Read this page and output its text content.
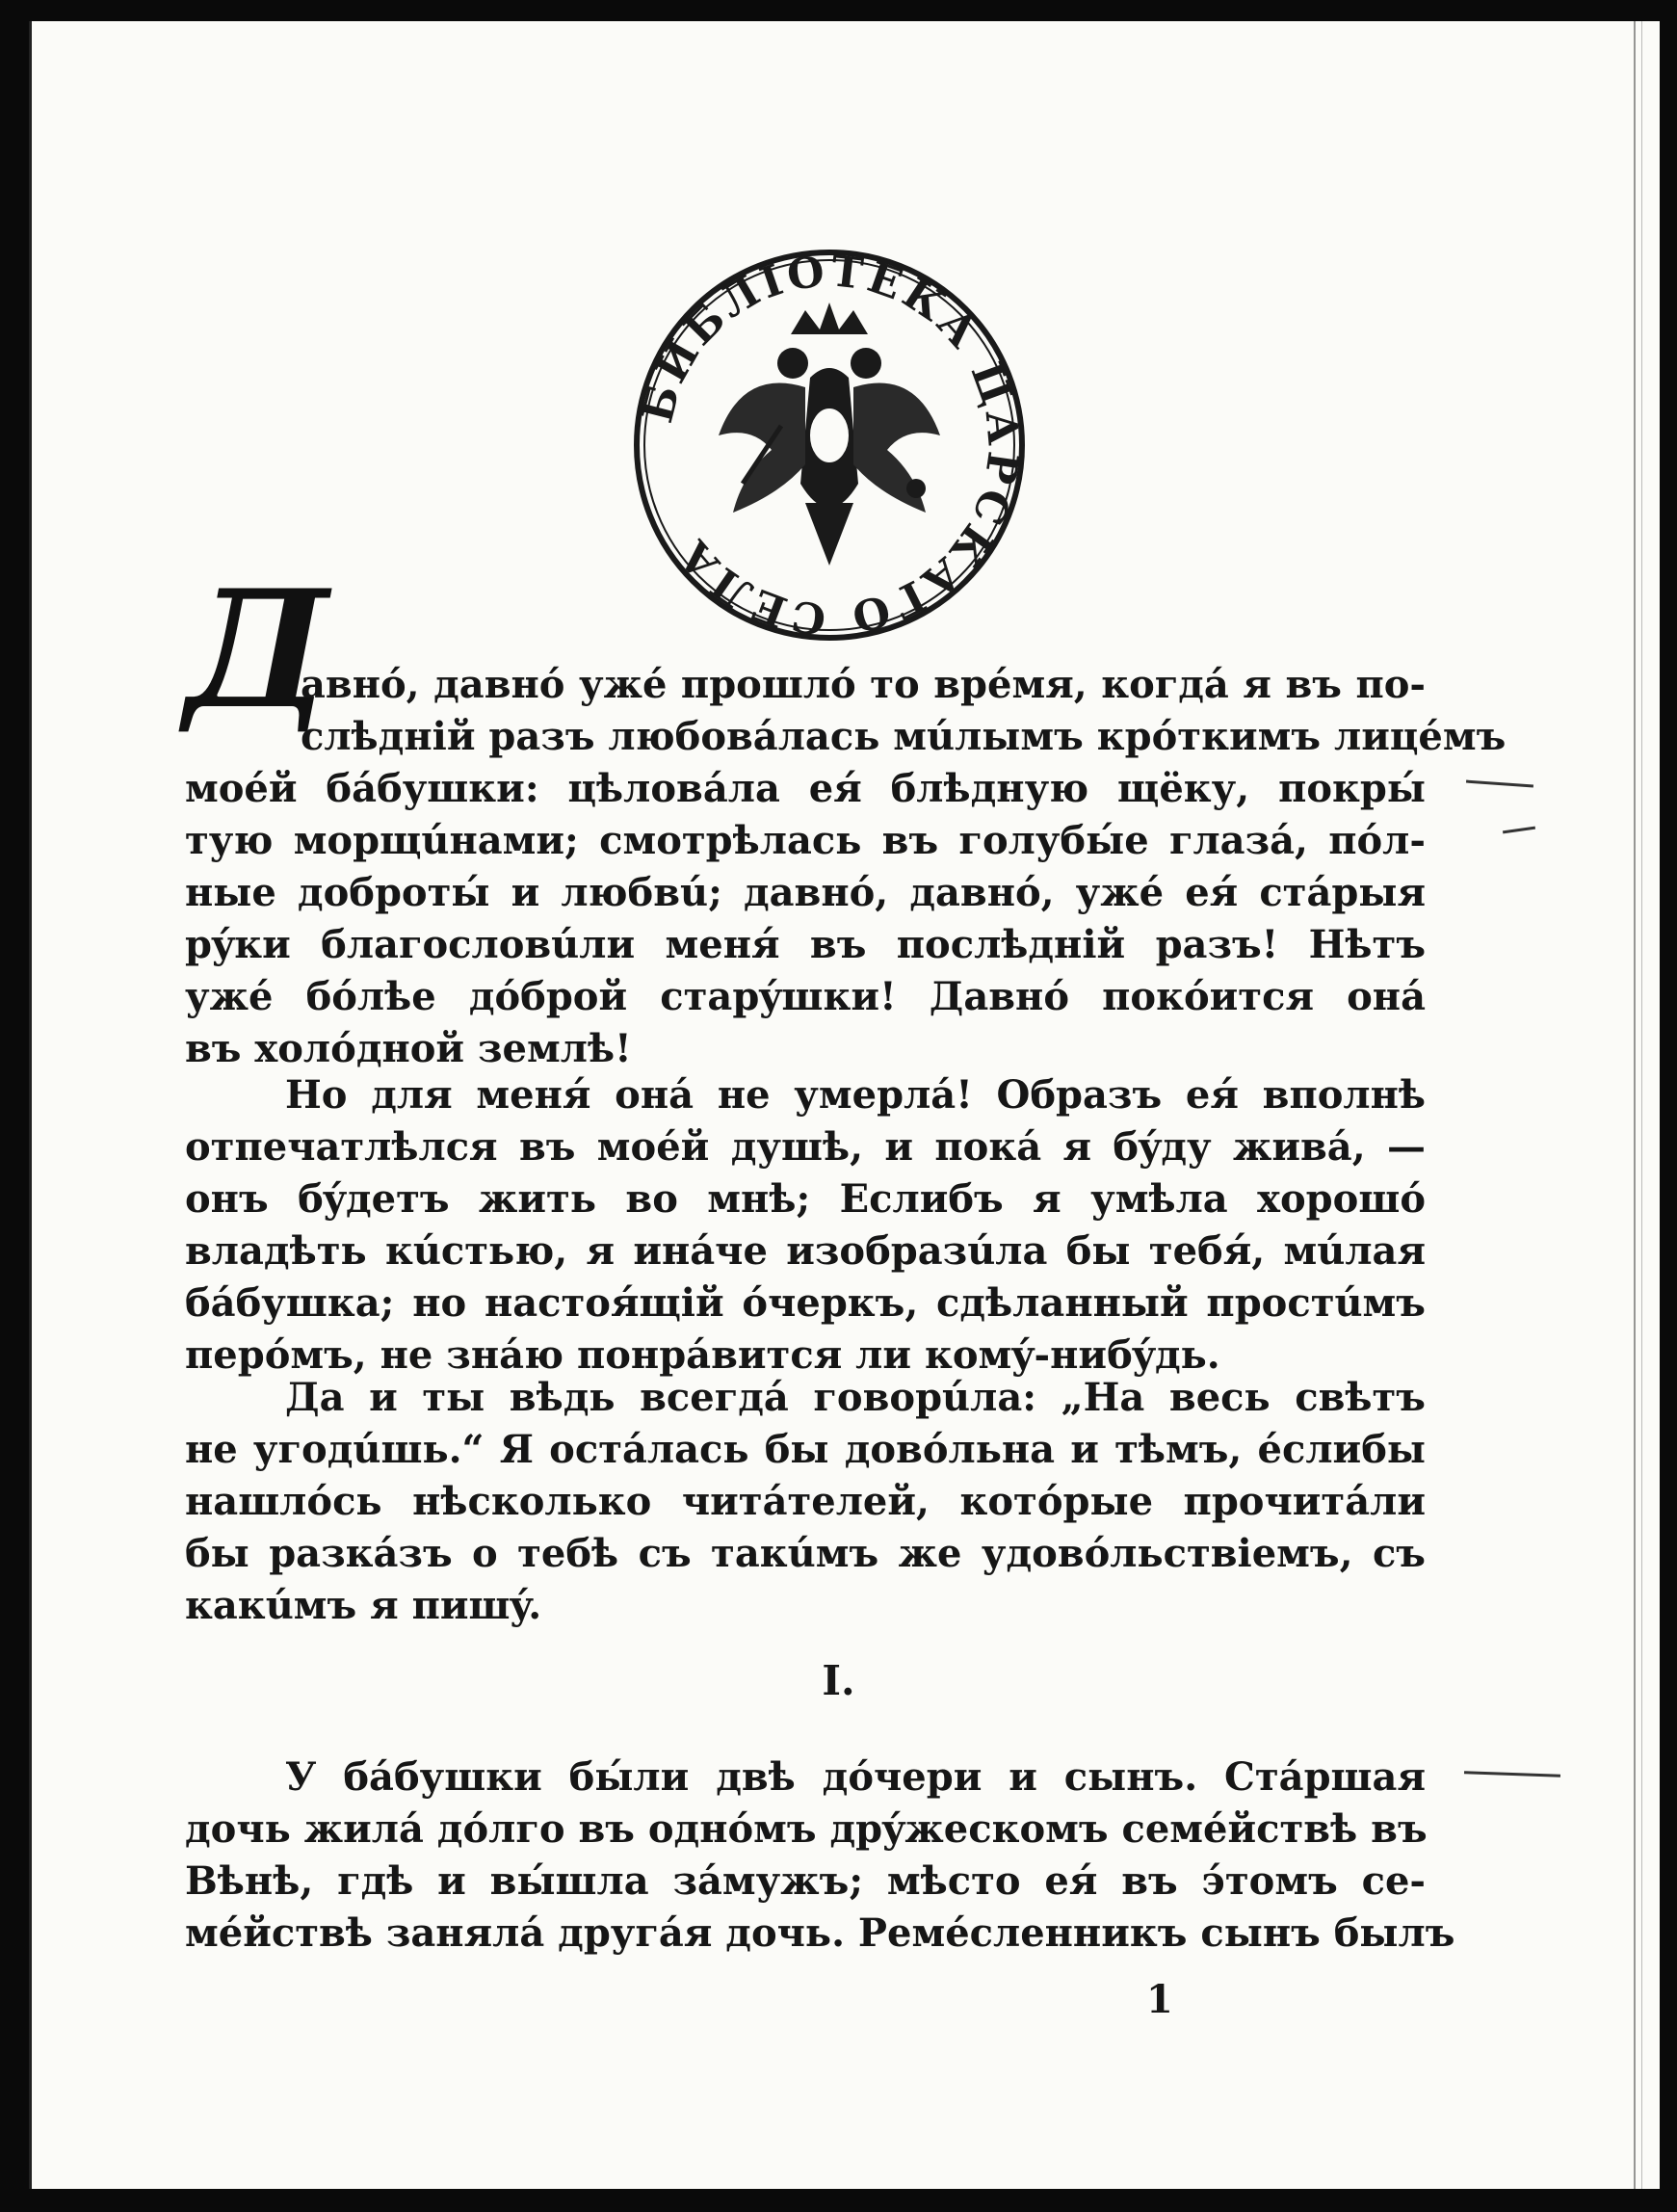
БИБЛІОТЕКА ЦАРСКАГО СЕЛА
Д
авнó, давнó ужé прошлó то врéмя, когдá я въ по-
слѣдній разъ любовáлась мúлымъ крóткимъ лицéмъ
моéй бáбушки: цѣловáла ея́ блѣдную щёку, покры́
тую морщúнами; смотрѣлась въ голубы́е глазá, пóл-
ные доброты́ и любвú; давнó, давнó, ужé ея́ стáрыя
рýки благословúли меня́ въ послѣдній разъ! Нѣтъ
ужé бóлѣе дóброй старýшки! Давнó покóится онá
въ холóдной землѣ!
Но для меня́ онá не умерлá! Образъ ея́ вполнѣ
отпечатлѣлся въ моéй душѣ, и покá я бýду живá, —
онъ бýдетъ жить во мнѣ; Еслибъ я умѣла хорошó
владѣть кúстью, я инáче изобразúла бы тебя́, мúлая
бáбушка; но настоя́щій óчеркъ, сдѣланный простúмъ
перóмъ, не знáю понрáвится ли комý-нибýдь.
Да и ты вѣдь всегдá говорúла: „На весь свѣтъ
не угодúшь.“ Я остáлась бы довóльна и тѣмъ, éслибы
нашлóсь нѣсколько читáтелей, котóрые прочитáли
бы разкáзъ о тебѣ съ такúмъ же удовóльствіемъ, съ
какúмъ я пишý.
I.
У бáбушки бы́ли двѣ дóчери и сынъ. Стáршая
дочь жилá дóлго въ однóмъ дрýжескомъ семéйствѣ въ
Вѣнѣ, гдѣ и вы́шла зáмужъ; мѣсто ея́ въ э́томъ се-
мéйствѣ занялá другáя дочь. Ремéсленникъ сынъ былъ
1
